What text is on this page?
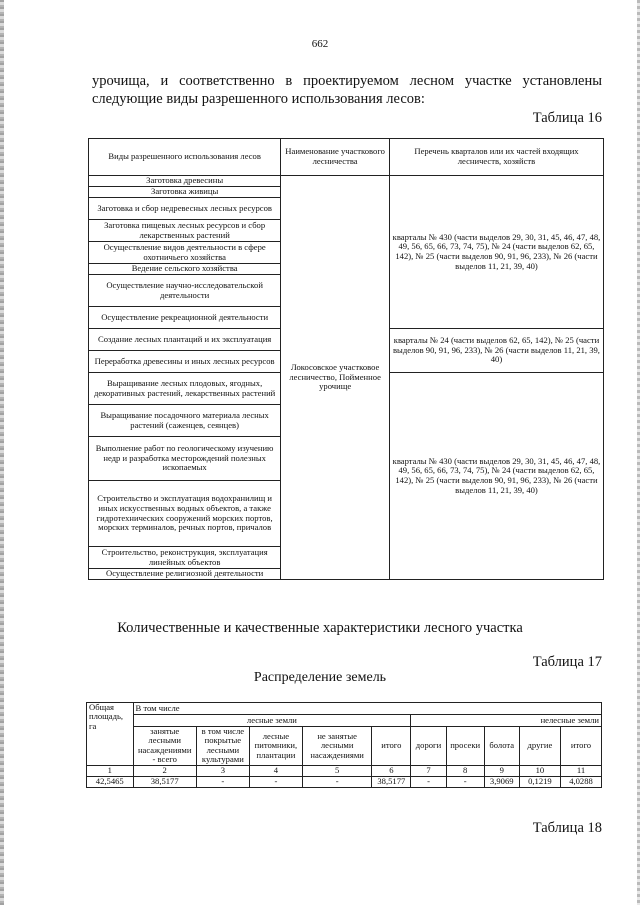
662
урочища, и соответственно в проектируемом лесном участке установлены следующие виды разрешенного использования лесов:
Таблица 16
Виды разрешенного использования лесов	Наименование участкового лесничества	Перечень кварталов или их частей входящих лесничеств, хозяйств
Заготовка древесины	Локосовское участковое лесничество, Пойменное урочище	кварталы № 430 (части выделов 29, 30, 31, 45, 46, 47, 48, 49, 56, 65, 66, 73, 74, 75), № 24 (части выделов 62, 65, 142), № 25 (части выделов 90, 91, 96, 233), № 26 (части выделов 11, 21, 39, 40)
Заготовка живицы		
Заготовка и сбор недревесных лесных ресурсов		
Заготовка пищевых лесных ресурсов и сбор лекарственных растений		
Осуществление видов деятельности в сфере охотничьего хозяйства		
Ведение сельского хозяйства		
Осуществление научно-исследовательской деятельности		
Осуществление рекреационной деятельности		
Создание лесных плантаций и их эксплуатация		кварталы № 24 (части выделов 62, 65, 142), № 25 (части выделов 90, 91, 96, 233), № 26 (части выделов 11, 21, 39, 40)
Переработка древесины и иных лесных ресурсов		
Выращивание лесных плодовых, ягодных, декоративных растений, лекарственных растений		кварталы № 430 (части выделов 29, 30, 31, 45, 46, 47, 48, 49, 56, 65, 66, 73, 74, 75), № 24 (части выделов 62, 65, 142), № 25 (части выделов 90, 91, 96, 233), № 26 (части выделов 11, 21, 39, 40)
Выращивание посадочного материала лесных растений (саженцев, сеянцев)		
Выполнение работ по геологическому изучению недр и разработка месторождений полезных ископаемых		
Строительство и эксплуатация водохранилищ и иных искусственных водных объектов, а также гидротехнических сооружений морских портов, морских терминалов, речных портов, причалов		
Строительство, реконструкция, эксплуатация линейных объектов		
Осуществление религиозной деятельности		
Количественные и качественные характеристики лесного участка
Таблица 17
Распределение земель
Общая площадь, га	В том числе									
	лесные земли					нелесные земли				
	занятые лесными насаждениями - всего	в том числе покрытые лесными культурами	лесные питомники, плантации	не занятые лесными насаждениями	итого	дороги	просеки	болота	другие	итого
1	2	3	4	5	6	7	8	9	10	11
42,5465	38,5177	-	-	-	38,5177	-	-	3,9069	0,1219	4,0288
Таблица 18
